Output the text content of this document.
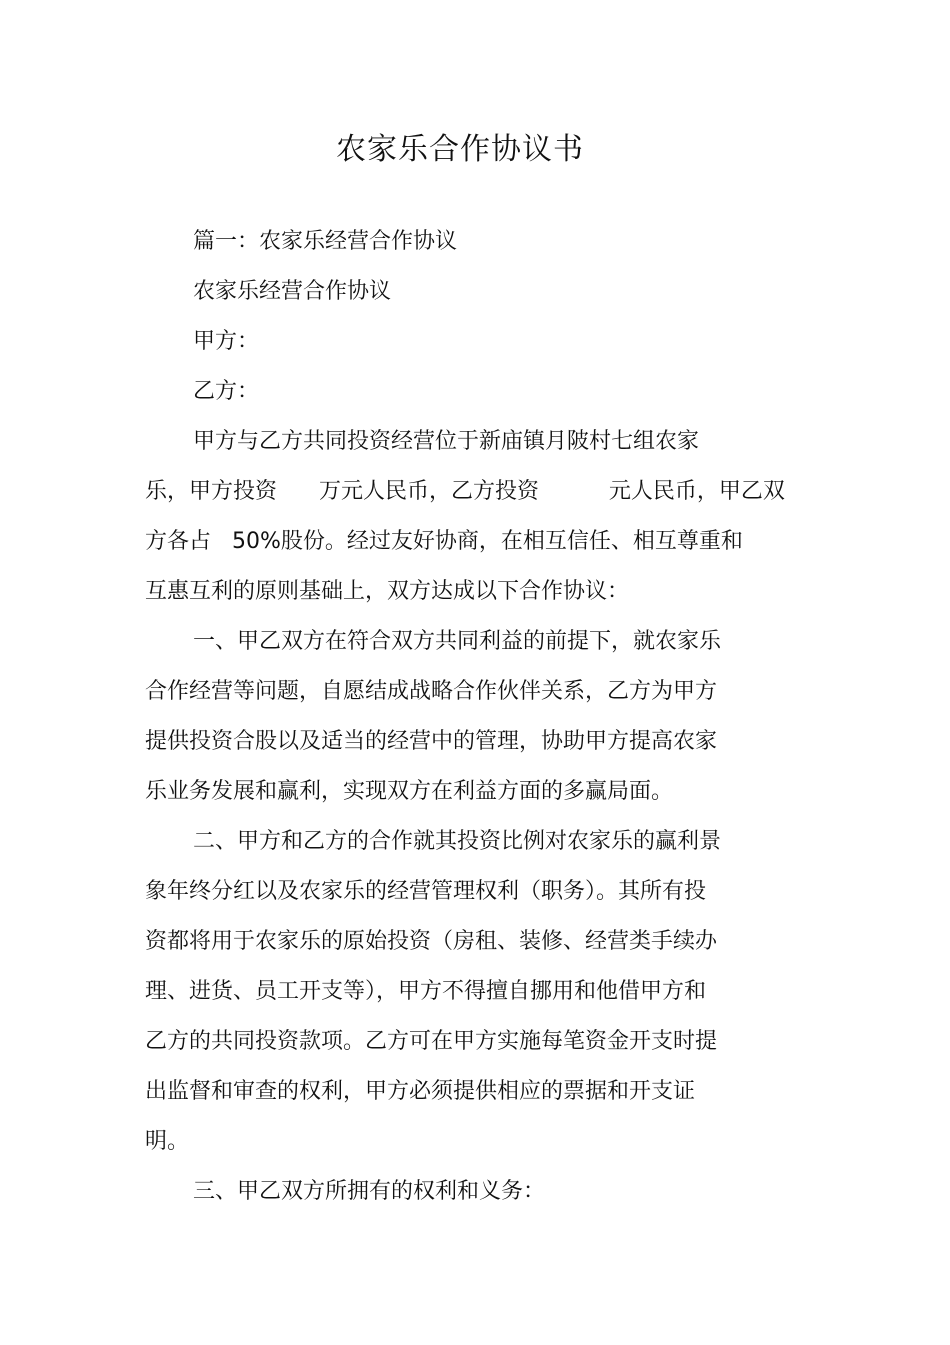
农家乐合作协议书

篇一：农家乐经营合作协议

农家乐经营合作协议

甲方：

乙方：

甲方与乙方共同投资经营位于新庙镇月陂村七组农家

乐，甲方投资      万元人民币，乙方投资          元人民币，甲乙双

方各占   50%股份。经过友好协商，在相互信任、相互尊重和

互惠互利的原则基础上，双方达成以下合作协议：

一、甲乙双方在符合双方共同利益的前提下，就农家乐

合作经营等问题，自愿结成战略合作伙伴关系，乙方为甲方

提供投资合股以及适当的经营中的管理，协助甲方提高农家

乐业务发展和赢利，实现双方在利益方面的多赢局面。

二、甲方和乙方的合作就其投资比例对农家乐的赢利景

象年终分红以及农家乐的经营管理权利（职务）。其所有投

资都将用于农家乐的原始投资（房租、装修、经营类手续办

理、进货、员工开支等），甲方不得擅自挪用和他借甲方和

乙方的共同投资款项。乙方可在甲方实施每笔资金开支时提

出监督和审查的权利，甲方必须提供相应的票据和开支证

明。

三、甲乙双方所拥有的权利和义务：
